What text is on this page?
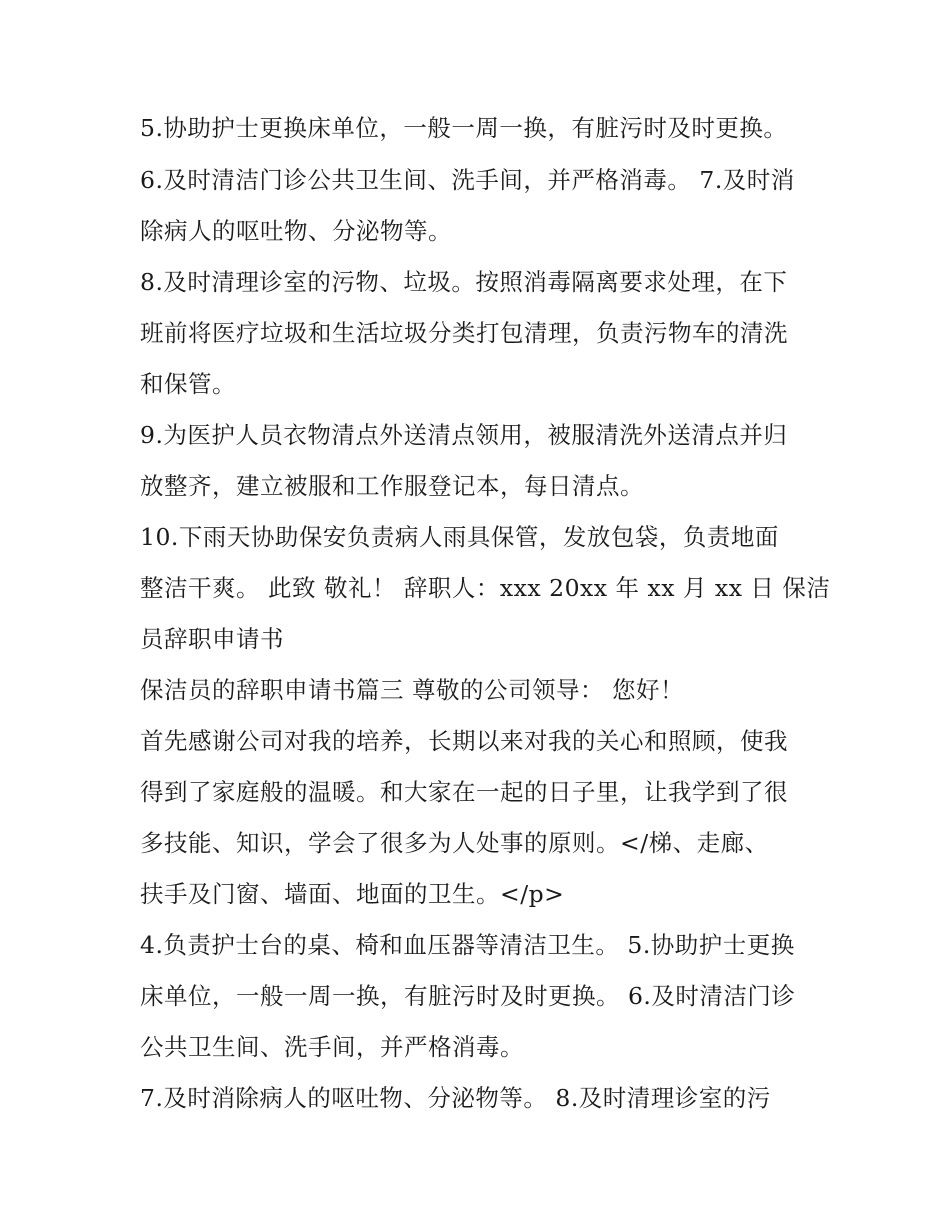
5.协助护士更换床单位，一般一周一换，有脏污时及时更换。
6.及时清洁门诊公共卫生间、洗手间，并严格消毒。 7.及时消
除病人的呕吐物、分泌物等。
8.及时清理诊室的污物、垃圾。按照消毒隔离要求处理，在下
班前将医疗垃圾和生活垃圾分类打包清理，负责污物车的清洗
和保管。
9.为医护人员衣物清点外送清点领用，被服清洗外送清点并归
放整齐，建立被服和工作服登记本，每日清点。
10.下雨天协助保安负责病人雨具保管，发放包袋，负责地面
整洁干爽。 此致 敬礼！ 辞职人：xxx 20xx 年 xx 月 xx 日 保洁
员辞职申请书
保洁员的辞职申请书篇三 尊敬的公司领导： 您好！
首先感谢公司对我的培养，长期以来对我的关心和照顾，使我
得到了家庭般的温暖。和大家在一起的日子里，让我学到了很
多技能、知识，学会了很多为人处事的原则。</梯、走廊、
扶手及门窗、墙面、地面的卫生。</p>
4.负责护士台的桌、椅和血压器等清洁卫生。 5.协助护士更换
床单位，一般一周一换，有脏污时及时更换。 6.及时清洁门诊
公共卫生间、洗手间，并严格消毒。
7.及时消除病人的呕吐物、分泌物等。 8.及时清理诊室的污
